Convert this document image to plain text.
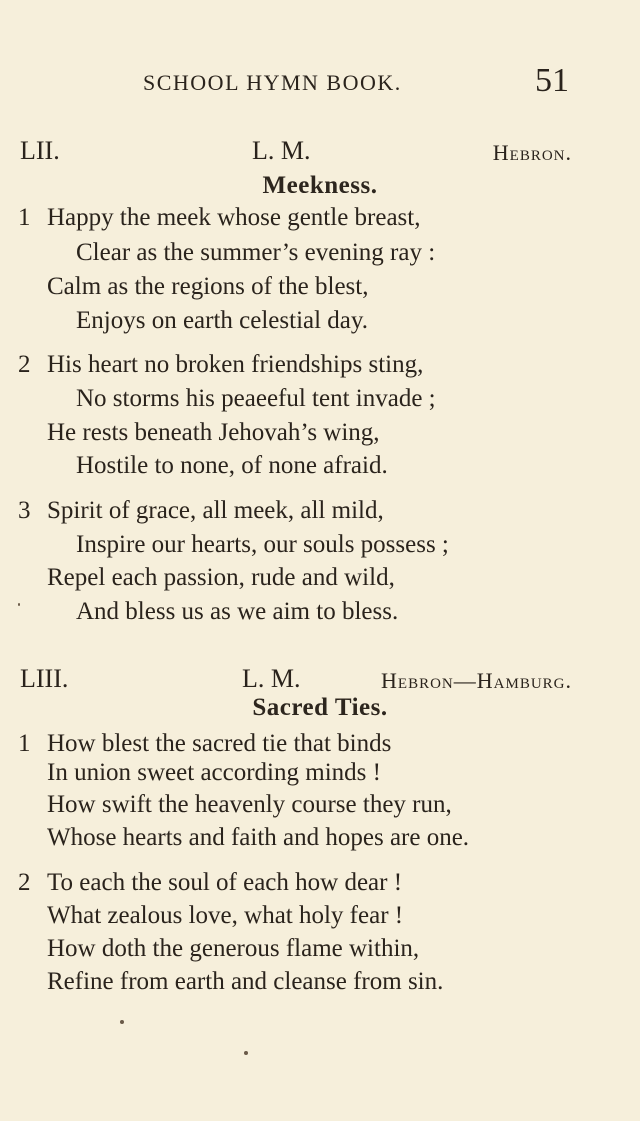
SCHOOL HYMN BOOK.	51
LII.	L. M.	Hebron.
Meekness.
1 Happy the meek whose gentle breast,
Clear as the summer’s evening ray :
Calm as the regions of the blest,
Enjoys on earth celestial day.
2 His heart no broken friendships sting,
No storms his peaeeful tent invade ;
He rests beneath Jehovah’s wing,
Hostile to none, of none afraid.
3 Spirit of grace, all meek, all mild,
Inspire our hearts, our souls possess ;
Repel each passion, rude and wild,
And bless us as we aim to bless.
LIII.	L. M.	Hebron—Hamburg.
Sacred Ties.
1 How blest the sacred tie that binds
In union sweet according minds !
How swift the heavenly course they run,
Whose hearts and faith and hopes are one.
2 To each the soul of each how dear !
What zealous love, what holy fear !
How doth the generous flame within,
Refine from earth and cleanse from sin.
